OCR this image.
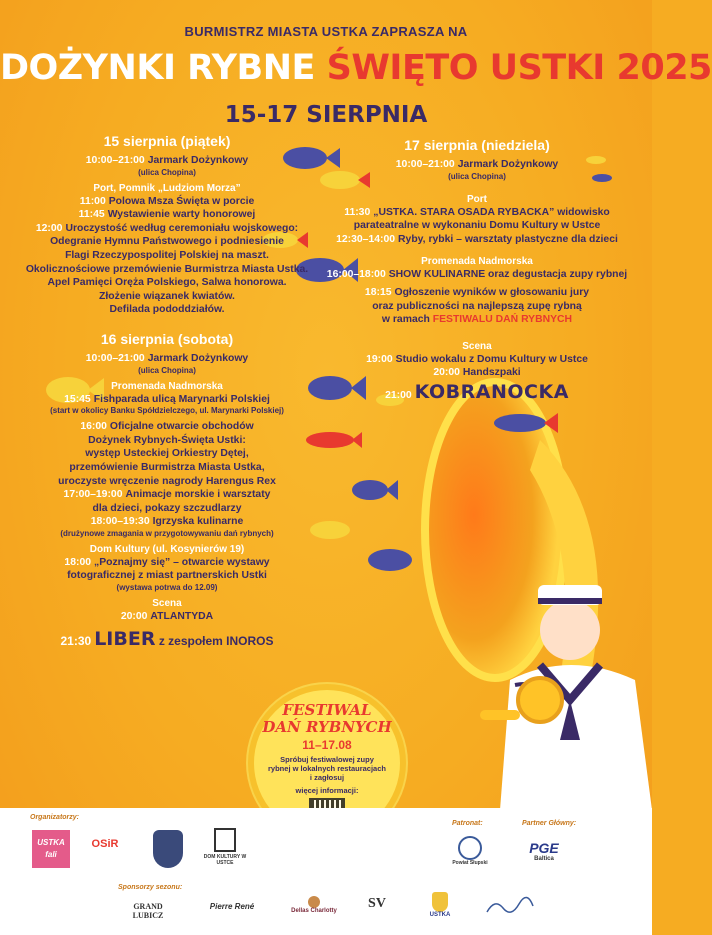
BURMISTRZ MIASTA USTKA ZAPRASZA NA
DOŻYNKI RYBNE ŚWIĘTO USTKI 2025
15-17 SIERPNIA
15 sierpnia (piątek)
10:00–21:00 Jarmark Dożynkowy
(ulica Chopina)
Port, Pomnik „Ludziom Morza”
11:00 Polowa Msza Święta w porcie
11:45 Wystawienie warty honorowej
12:00 Uroczystość według ceremoniału wojskowego:
Odegranie Hymnu Państwowego i podniesienie
Flagi Rzeczypospolitej Polskiej na maszt.
Okolicznościowe przemówienie Burmistrza Miasta Ustka.
Apel Pamięci Oręża Polskiego, Salwa honorowa.
Złożenie wiązanek kwiatów.
Defilada pododdziałów.
16 sierpnia (sobota)
10:00–21:00 Jarmark Dożynkowy
(ulica Chopina)
Promenada Nadmorska
15:45 Fishparada ulicą Marynarki Polskiej
(start w okolicy Banku Spółdzielczego, ul. Marynarki Polskiej)
16:00 Oficjalne otwarcie obchodów
Dożynek Rybnych-Święta Ustki:
występ Usteckiej Orkiestry Dętej,
przemówienie Burmistrza Miasta Ustka,
uroczyste wręczenie nagrody Harengus Rex
17:00–19:00 Animacje morskie i warsztaty
dla dzieci, pokazy szczudlarzy
18:00–19:30 Igrzyska kulinarne
(drużynowe zmagania w przygotowywaniu dań rybnych)
Dom Kultury (ul. Kosynierów 19)
18:00 „Poznajmy się” – otwarcie wystawy
fotograficznej z miast partnerskich Ustki
(wystawa potrwa do 12.09)
Scena
20:00 ATLANTYDA
21:30 LIBER z zespołem INOROS
17 sierpnia (niedziela)
10:00–21:00 Jarmark Dożynkowy
(ulica Chopina)
Port
11:30 „USTKA. STARA OSADA RYBACKA” widowisko
parateatralne w wykonaniu Domu Kultury w Ustce
12:30–14:00 Ryby, rybki – warsztaty plastyczne dla dzieci
Promenada Nadmorska
16:00–18:00 SHOW KULINARNE oraz degustacja zupy rybnej
18:15 Ogłoszenie wyników w głosowaniu jury
oraz publiczności na najlepszą zupę rybną
w ramach FESTIWALU DAŃ RYBNYCH
Scena
19:00 Studio wokalu z Domu Kultury w Ustce
20:00 Handszpaki
21:00 KOBRANOCKA
FESTIWAL
DAŃ RYBNYCH
11–17.08
Spróbuj festiwalowej zupy rybnej w lokalnych restauracjach i zagłosuj
więcej informacji:
Organizatorzy:
Patronat:	Partner Główny:
Sponsorzy sezonu:
USTKA fali
OSiR
DOM KULTURY W USTCE	Powiat Słupski
PGE
Baltica
GRAND LUBICZ
Pierre René	Dellas Charlotty	SV
USTKA
